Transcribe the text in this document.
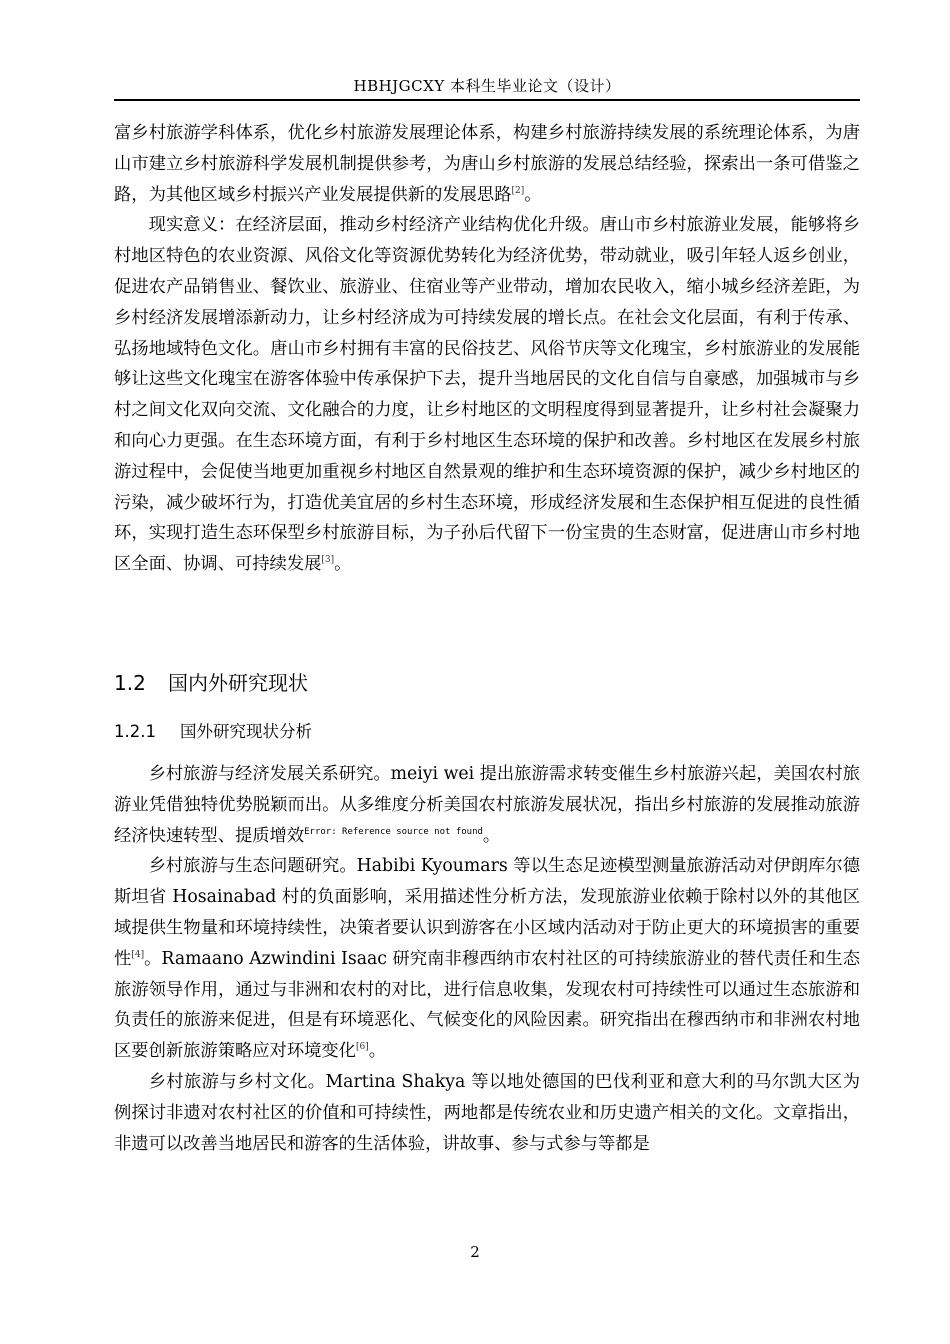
HBHJGCXY 本科生毕业论文（设计）

富乡村旅游学科体系，优化乡村旅游发展理论体系，构建乡村旅游持续发展的系统理论体系，为唐山市建立乡村旅游科学发展机制提供参考，为唐山乡村旅游的发展总结经验，探索出一条可借鉴之路，为其他区域乡村振兴产业发展提供新的发展思路[2]。

现实意义：在经济层面，推动乡村经济产业结构优化升级。唐山市乡村旅游业发展，能够将乡村地区特色的农业资源、风俗文化等资源优势转化为经济优势，带动就业，吸引年轻人返乡创业，促进农产品销售业、餐饮业、旅游业、住宿业等产业带动，增加农民收入，缩小城乡经济差距，为乡村经济发展增添新动力，让乡村经济成为可持续发展的增长点。在社会文化层面，有利于传承、弘扬地域特色文化。唐山市乡村拥有丰富的民俗技艺、风俗节庆等文化瑰宝，乡村旅游业的发展能够让这些文化瑰宝在游客体验中传承保护下去，提升当地居民的文化自信与自豪感，加强城市与乡村之间文化双向交流、文化融合的力度，让乡村地区的文明程度得到显著提升，让乡村社会凝聚力和向心力更强。在生态环境方面，有利于乡村地区生态环境的保护和改善。乡村地区在发展乡村旅游过程中，会促使当地更加重视乡村地区自然景观的维护和生态环境资源的保护，减少乡村地区的污染，减少破坏行为，打造优美宜居的乡村生态环境，形成经济发展和生态保护相互促进的良性循环，实现打造生态环保型乡村旅游目标，为子孙后代留下一份宝贵的生态财富，促进唐山市乡村地区全面、协调、可持续发展[3]。

1.2 国内外研究现状
1.2.1 国外研究现状分析

乡村旅游与经济发展关系研究。meiyi wei 提出旅游需求转变催生乡村旅游兴起，美国农村旅游业凭借独特优势脱颖而出。从多维度分析美国农村旅游发展状况，指出乡村旅游的发展推动旅游经济快速转型、提质增效$^{Error: Reference source not found}$。

乡村旅游与生态问题研究。Habibi Kyoumars 等以生态足迹模型测量旅游活动对伊朗库尔德斯坦省 Hosainabad 村的负面影响，采用描述性分析方法，发现旅游业依赖于除村以外的其他区域提供生物量和环境持续性，决策者要认识到游客在小区域内活动对于防止更大的环境损害的重要性[4]。Ramaano Azwindini Isaac 研究南非穆西纳市农村社区的可持续旅游业的替代责任和生态旅游领导作用，通过与非洲和农村的对比，进行信息收集，发现农村可持续性可以通过生态旅游和负责任的旅游来促进，但是有环境恶化、气候变化的风险因素。研究指出在穆西纳市和非洲农村地区要创新旅游策略应对环境变化[6]。

乡村旅游与乡村文化。Martina Shakya 等以地处德国的巴伐利亚和意大利的马尔凯大区为例探讨非遗对农村社区的价值和可持续性，两地都是传统农业和历史遗产相关的文化。文章指出，非遗可以改善当地居民和游客的生活体验，讲故事、参与式参与等都是

2
